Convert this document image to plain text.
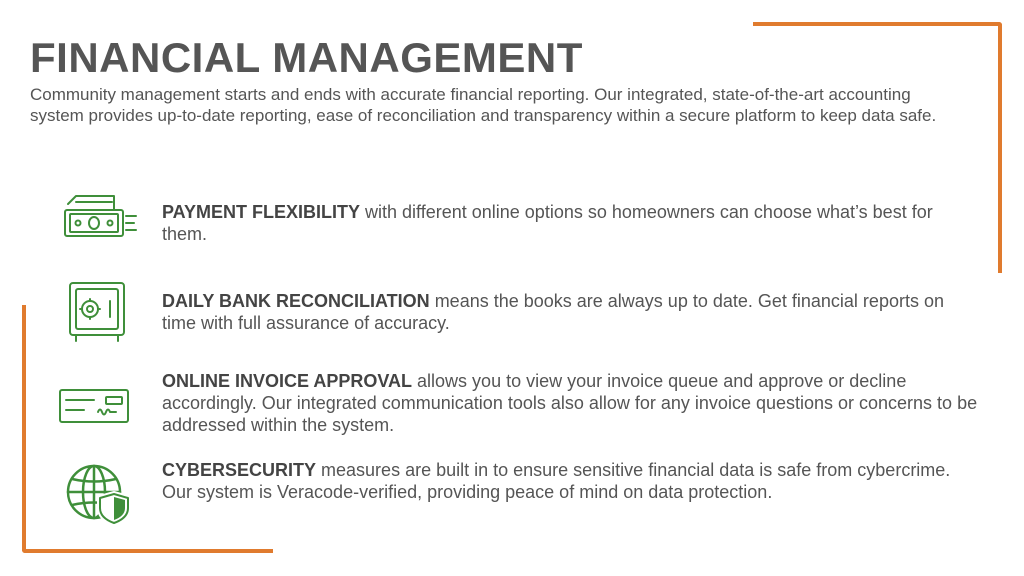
FINANCIAL MANAGEMENT

Community management starts and ends with accurate financial reporting. Our integrated, state-of-the-art accounting system provides up-to-date reporting, ease of reconciliation and transparency within a secure platform to keep data safe.

PAYMENT FLEXIBILITY with different online options so homeowners can choose what’s best for them.

DAILY BANK RECONCILIATION means the books are always up to date. Get financial reports on time with full assurance of accuracy.

ONLINE INVOICE APPROVAL allows you to view your invoice queue and approve or decline accordingly. Our integrated communication tools also allow for any invoice questions or concerns to be addressed within the system.

CYBERSECURITY measures are built in to ensure sensitive financial data is safe from cybercrime. Our system is Veracode-verified, providing peace of mind on data protection.
